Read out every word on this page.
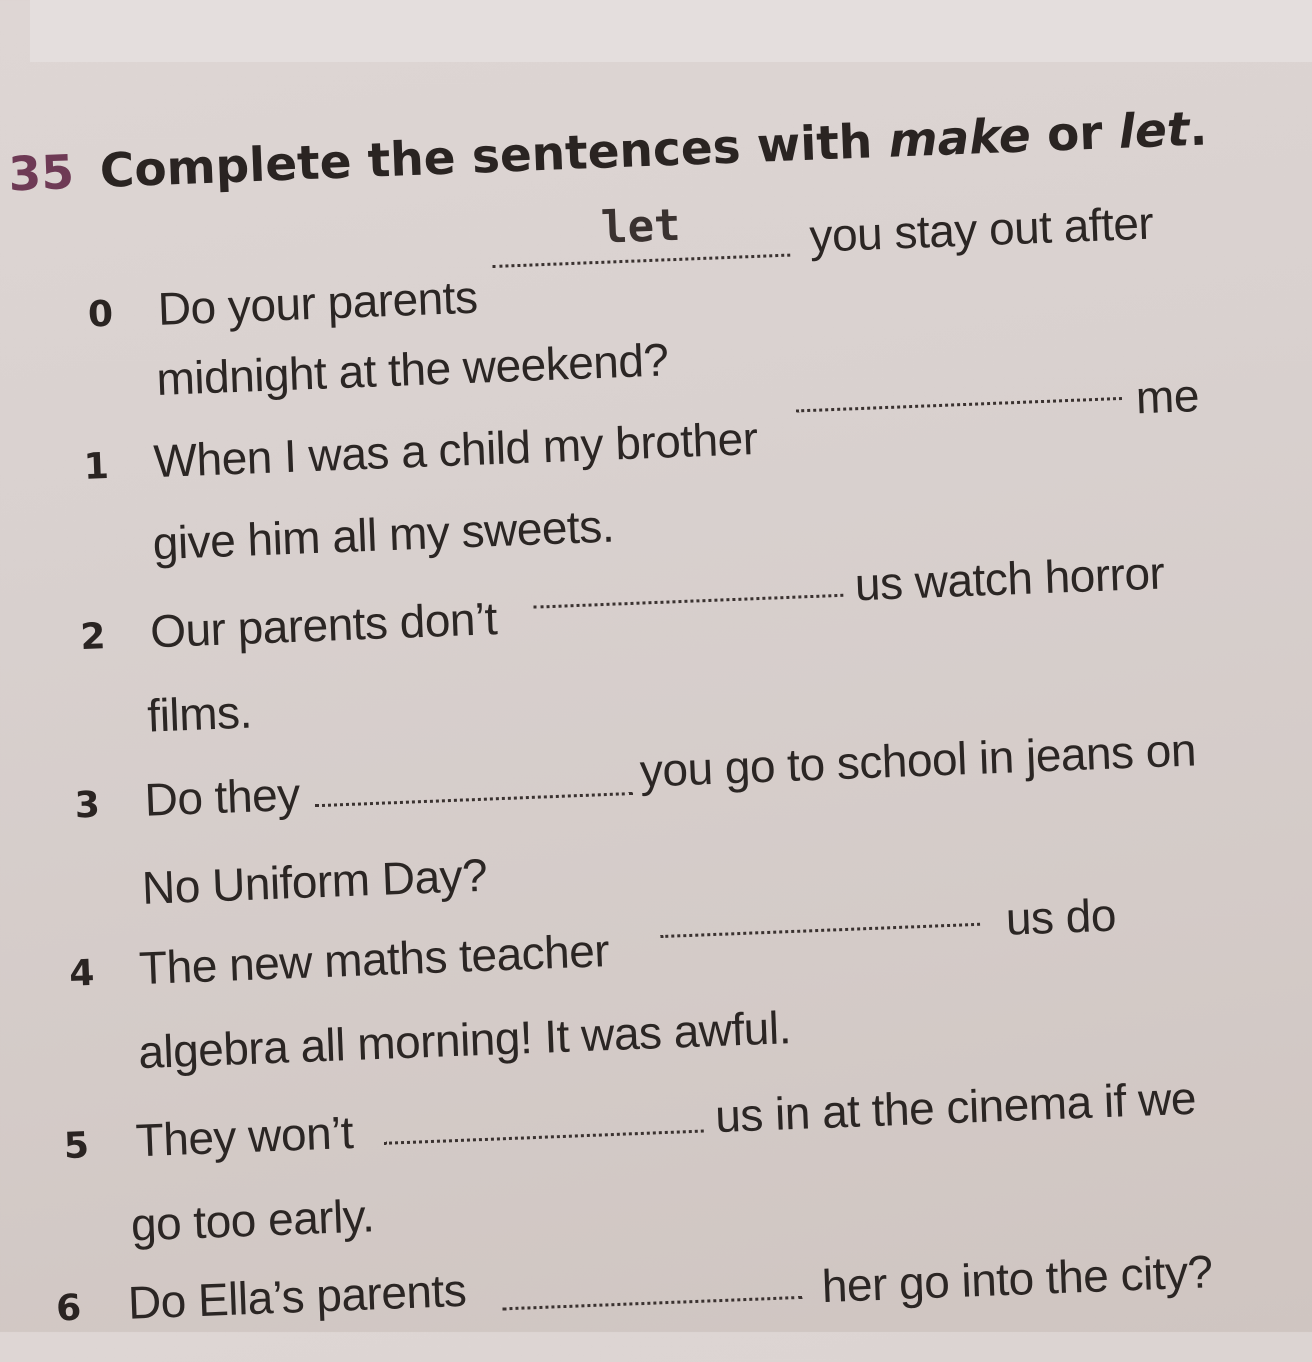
35 Complete the sentences with make or let.
0 Do your parents
let	you stay out after
midnight at the weekend?
1 When I was a child my brother
me
give him all my sweets.
2 Our parents don’t
us watch horror
films.
3 Do they
you go to school in jeans on
No Uniform Day?
4 The new maths teacher
us do
algebra all morning! It was awful.
5 They won’t	us in at the cinema if we
go too early.
6 Do Ella’s parents	her go into the city?
